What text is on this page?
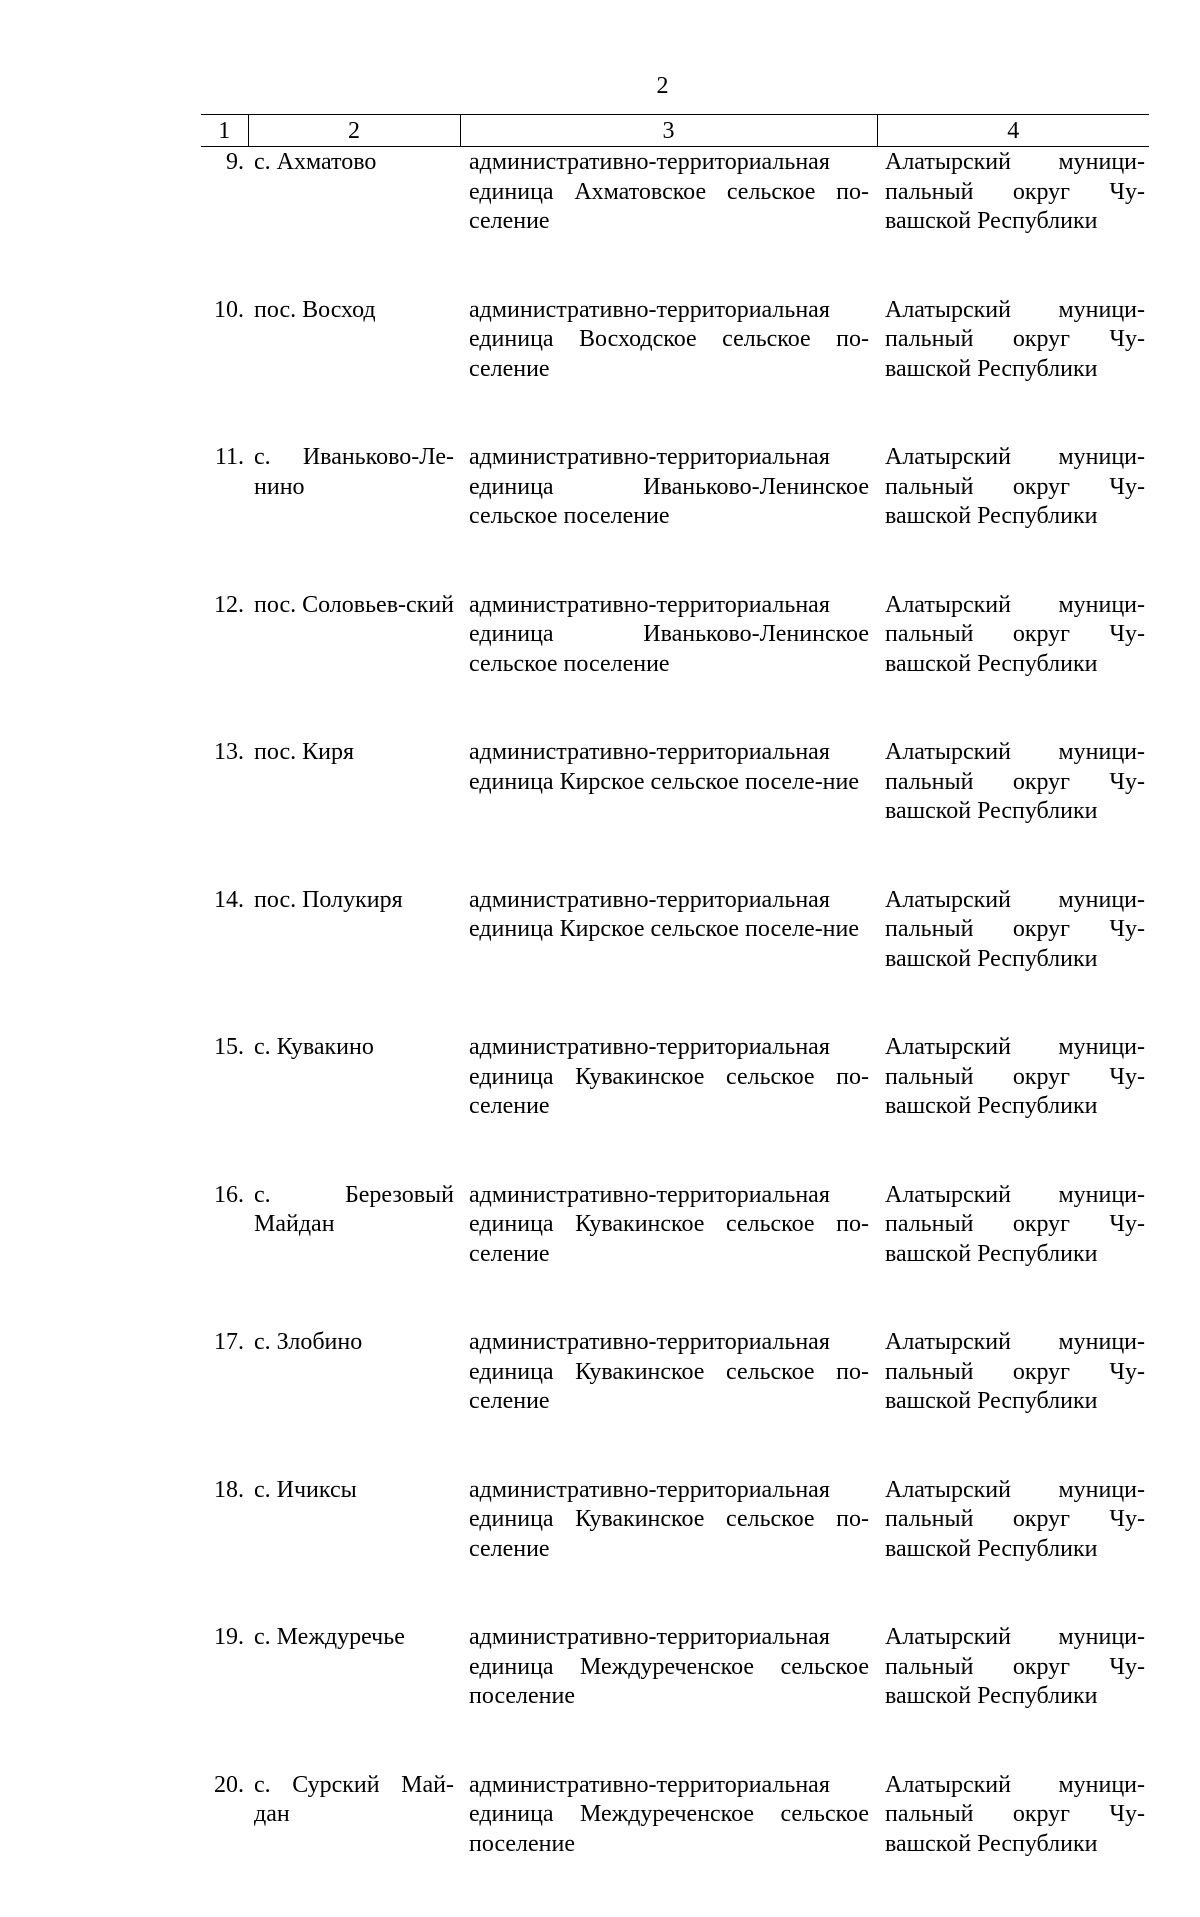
2
1	2	3	4
9.	с. Ахматово	административно-территориальная единица Ахматовское сельское по-селение	Алатырский муници-пальный округ Чу-вашской Республики
10.	пос. Восход	административно-территориальная единица Восходское сельское по-селение	Алатырский муници-пальный округ Чу-вашской Республики
11.	с. Иваньково-Ле-нино	административно-территориальная единица Иваньково-Ленинское сельское поселение	Алатырский муници-пальный округ Чу-вашской Республики
12.	пос. Соловьев-ский	административно-территориальная единица Иваньково-Ленинское сельское поселение	Алатырский муници-пальный округ Чу-вашской Республики
13.	пос. Киря	административно-территориальная единица Кирское сельское поселе-ние	Алатырский муници-пальный округ Чу-вашской Республики
14.	пос. Полукиря	административно-территориальная единица Кирское сельское поселе-ние	Алатырский муници-пальный округ Чу-вашской Республики
15.	с. Кувакино	административно-территориальная единица Кувакинское сельское по-селение	Алатырский муници-пальный округ Чу-вашской Республики
16.	с. Березовый Майдан	административно-территориальная единица Кувакинское сельское по-селение	Алатырский муници-пальный округ Чу-вашской Республики
17.	с. Злобино	административно-территориальная единица Кувакинское сельское по-селение	Алатырский муници-пальный округ Чу-вашской Республики
18.	с. Ичиксы	административно-территориальная единица Кувакинское сельское по-селение	Алатырский муници-пальный округ Чу-вашской Республики
19.	с. Междуречье	административно-территориальная единица Междуреченское сельское поселение	Алатырский муници-пальный округ Чу-вашской Республики
20.	с. Сурский Май-дан	административно-территориальная единица Междуреченское сельское поселение	Алатырский муници-пальный округ Чу-вашской Республики
